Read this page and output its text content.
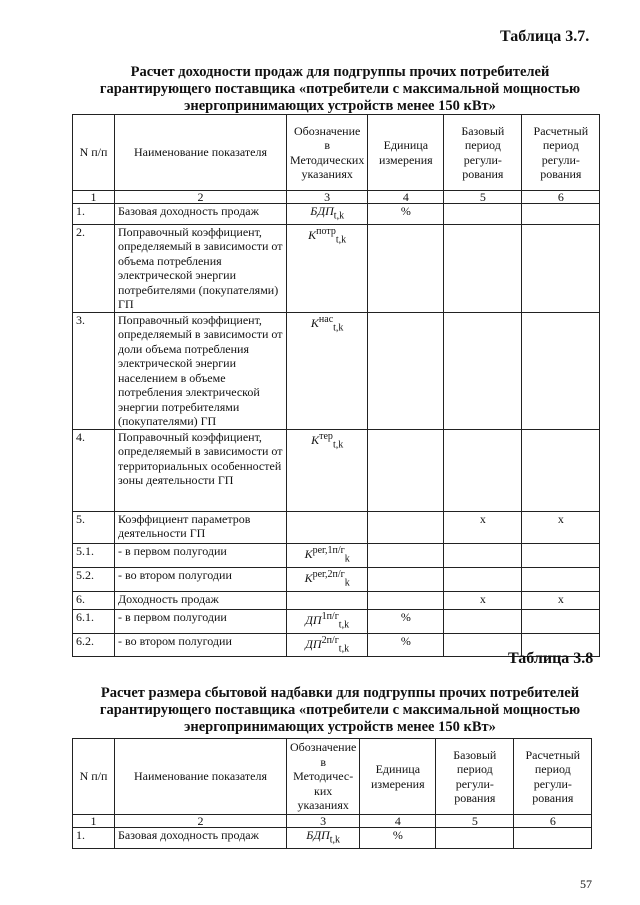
Таблица 3.7.
Расчет доходности продаж для подгруппы прочих потребителей
гарантирующего поставщика «потребители с максимальной мощностью
энергопринимающих устройств менее 150 кВт»
N п/п	Наименование показателя	Обозначение в Методических указаниях	Единица измерения	Базовый период регули-рования	Расчетный период регули-рования
1	2	3	4	5	6
1.	Базовая доходность продаж	$БДП_{t,k}$	%		
2.	Поправочный коэффициент, определяемый в зависимости от объема потребления электрической энергии потребителями (покупателями) ГП	$K^{потр}_{t,k}$			
3.	Поправочный коэффициент, определяемый в зависимости от доли объема потребления электрической энергии населением в объеме потребления электрической энергии потребителями (покупателями) ГП	$K^{нас}_{t,k}$			
4.	Поправочный коэффициент, определяемый в зависимости от территориальных особенностей зоны деятельности ГП	$K^{тер}_{t,k}$			
5.	Коэффициент параметров деятельности ГП			x	x
5.1.	- в первом полугодии	$K^{рег,1п/г}_k$			
5.2.	- во втором полугодии	$K^{рег,2п/г}_k$			
6.	Доходность продаж			x	x
6.1.	- в первом полугодии	$ДП^{1п/г}_{t,k}$	%		
6.2.	- во втором полугодии	$ДП^{2п/г}_{t,k}$	%		
Таблица 3.8
Расчет размера сбытовой надбавки для подгруппы прочих потребителей
гарантирующего поставщика «потребители с максимальной мощностью
энергопринимающих устройств менее 150 кВт»
N п/п	Наименование показателя	Обозначение в Методичес-ких указаниях	Единица измерения	Базовый период регули-рования	Расчетный период регули-рования
1	2	3	4	5	6
1.	Базовая доходность продаж	$БДП_{t,k}$	%		
57
